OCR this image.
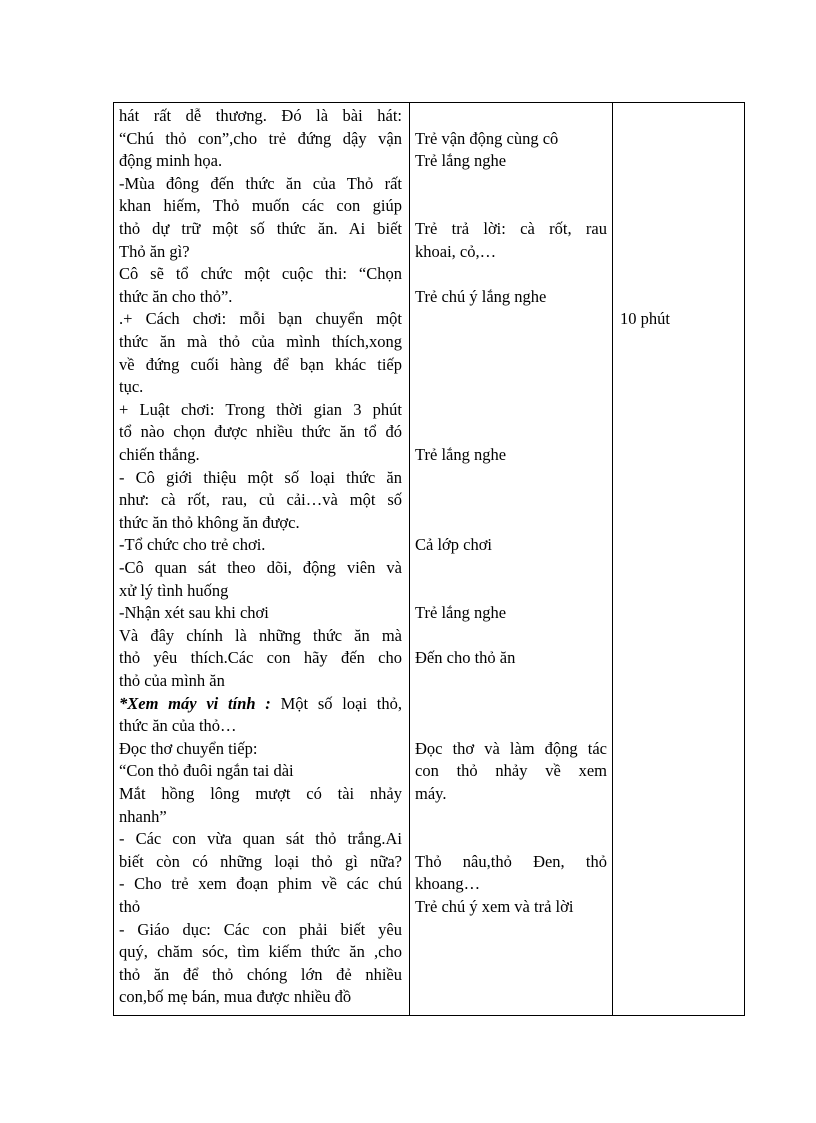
hát rất dễ thương. Đó là bài hát:
“Chú thỏ con”,cho trẻ đứng dậy vận
động minh họa.
-Mùa đông đến thức ăn của Thỏ rất
khan hiếm, Thỏ muốn các con giúp
thỏ dự trữ một số thức ăn. Ai biết
Thỏ ăn gì?
Cô sẽ tổ chức một cuộc thi: “Chọn
thức ăn cho thỏ”.
.+ Cách chơi: mỗi bạn chuyển một
thức ăn mà thỏ của mình thích,xong
về đứng cuối hàng để bạn khác tiếp
tục.
+ Luật chơi: Trong thời gian 3 phút
tổ nào chọn được nhiều thức ăn tổ đó
chiến thắng.
- Cô giới thiệu một số loại thức ăn
như: cà rốt, rau, củ cải…và một số
thức ăn thỏ không ăn được.
-Tổ chức cho trẻ chơi.
-Cô quan sát theo dõi, động viên và
xử lý tình huống
-Nhận xét sau khi chơi
Và đây chính là những thức ăn mà
thỏ yêu thích.Các con hãy đến cho
thỏ của mình ăn
*Xem máy vi tính : Một số loại thỏ,
thức ăn của thỏ…
Đọc thơ chuyển tiếp:
“Con thỏ đuôi ngắn tai dài
Mắt hồng lông mượt có tài nhảy
nhanh”
- Các con vừa quan sát thỏ trắng.Ai
biết còn có những loại thỏ gì nữa?
- Cho trẻ xem đoạn phim về các chú
thỏ
- Giáo dục: Các con phải biết yêu
quý, chăm sóc, tìm kiếm thức ăn ,cho
thỏ ăn để thỏ chóng lớn đẻ nhiều
con,bố mẹ bán, mua được nhiều đồ
Trẻ vận động cùng cô
Trẻ lắng nghe
Trẻ trả lời: cà rốt, rau
khoai, cỏ,…
Trẻ chú ý lắng nghe
Trẻ lắng nghe
Cả lớp chơi
Trẻ lắng nghe
Đến cho thỏ ăn
Đọc thơ và làm động tác
con thỏ nhảy về xem
máy.
Thỏ nâu,thỏ Đen, thỏ
khoang…
Trẻ chú ý xem và trả lời
10 phút
